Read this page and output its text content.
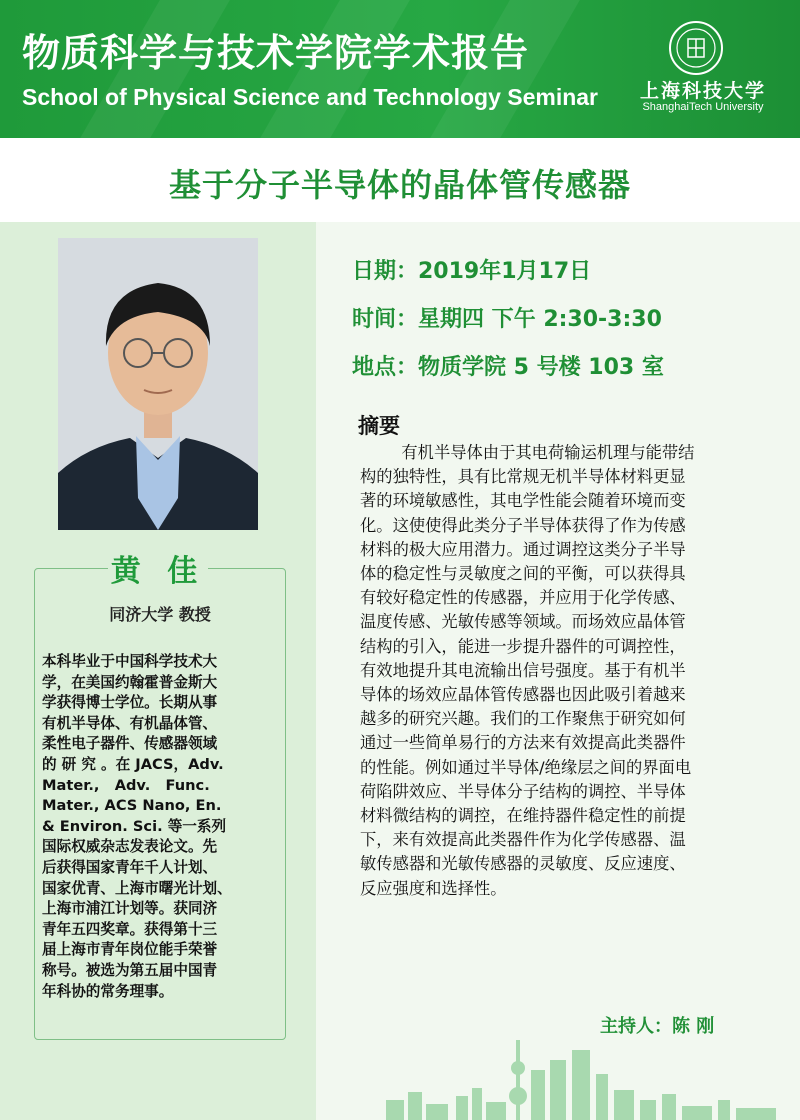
物质科学与技术学院学术报告
School of Physical Science and Technology Seminar	上海科技大学
ShanghaiTech University
基于分子半导体的晶体管传感器
黄 佳
同济大学 教授
本科毕业于中国科学技术大
学，在美国约翰霍普金斯大
学获得博士学位。长期从事
有机半导体、有机晶体管、
柔性电子器件、传感器领域
的 研 究 。在 JACS，Adv.
Mater.,   Adv.   Func.
Mater., ACS Nano, En.
& Environ. Sci. 等一系列
国际权威杂志发表论文。先
后获得国家青年千人计划、
国家优青、上海市曙光计划、
上海市浦江计划等。获同济
青年五四奖章。获得第十三
届上海市青年岗位能手荣誉
称号。被选为第五届中国青
年科协的常务理事。
日期：2019年1月17日
时间：星期四 下午 2:30-3:30
地点：物质学院 5 号楼 103 室
摘要
有机半导体由于其电荷输运机理与能带结
构的独特性，具有比常规无机半导体材料更显
著的环境敏感性，其电学性能会随着环境而变
化。这使使得此类分子半导体获得了作为传感
材料的极大应用潜力。通过调控这类分子半导
体的稳定性与灵敏度之间的平衡，可以获得具
有较好稳定性的传感器，并应用于化学传感、
温度传感、光敏传感等领域。而场效应晶体管
结构的引入，能进一步提升器件的可调控性，
有效地提升其电流输出信号强度。基于有机半
导体的场效应晶体管传感器也因此吸引着越来
越多的研究兴趣。我们的工作聚焦于研究如何
通过一些简单易行的方法来有效提高此类器件
的性能。例如通过半导体/绝缘层之间的界面电
荷陷阱效应、半导体分子结构的调控、半导体
材料微结构的调控，在维持器件稳定性的前提
下，来有效提高此类器件作为化学传感器、温
敏传感器和光敏传感器的灵敏度、反应速度、
反应强度和选择性。
主持人：陈 刚
